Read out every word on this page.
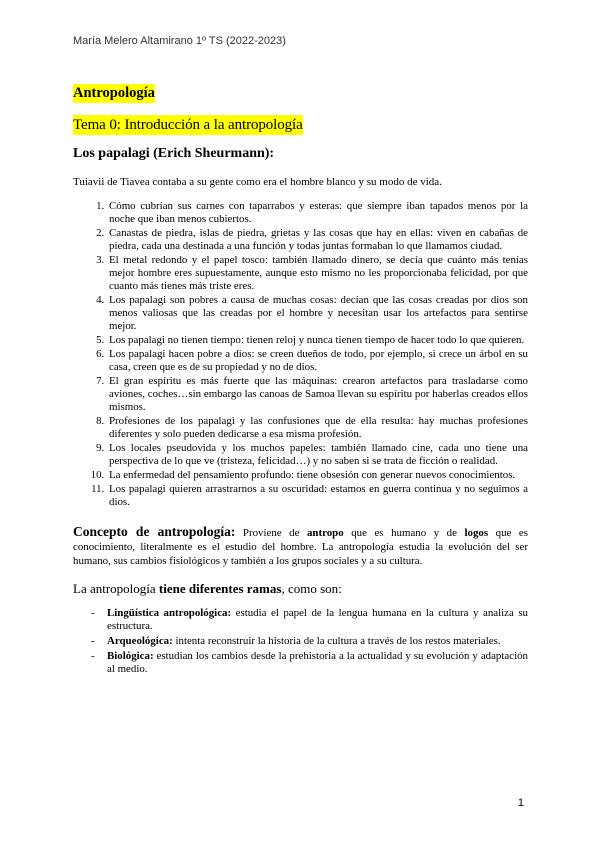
María Melero Altamirano 1º TS (2022-2023)
Antropología
Tema 0: Introducción a la antropología
Los papalagi (Erich Sheurmann):
Tuiavii de Tiavea contaba a su gente como era el hombre blanco y su modo de vida.
1. Cómo cubrían sus carnes con taparrabos y esteras: que siempre iban tapados menos por la noche que iban menos cubiertos.
2. Canastas de piedra, islas de piedra, grietas y las cosas que hay en ellas: viven en cabañas de piedra, cada una destinada a una función y todas juntas formaban lo que llamamos ciudad.
3. El metal redondo y el papel tosco: también llamado dinero, se decía que cuánto más tenías mejor hombre eres supuestamente, aunque esto mismo no les proporcionaba felicidad, por que cuanto más tienes más triste eres.
4. Los papalagi son pobres a causa de muchas cosas: decían que las cosas creadas por dios son menos valiosas que las creadas por el hombre y necesitan usar los artefactos para sentirse mejor.
5. Los papalagi no tienen tiempo: tienen reloj y nunca tienen tiempo de hacer todo lo que quieren.
6. Los papalagi hacen pobre a dios: se creen dueños de todo, por ejemplo, si crece un árbol en su casa, creen que es de su propiedad y no de dios.
7. El gran espíritu es más fuerte que las máquinas: crearon artefactos para trasladarse como aviones, coches…sin embargo las canoas de Samoa llevan su espíritu por haberlas creados ellos mismos.
8. Profesiones de los papalagi y las confusiones que de ella resulta: hay muchas profesiones diferentes y solo pueden dedicarse a esa misma profesión.
9. Los locales pseudovida y los muchos papeles: también llamado cine, cada uno tiene una perspectiva de lo que ve (tristeza, felicidad…) y no saben si se trata de ficción o realidad.
10. La enfermedad del pensamiento profundo: tiene obsesión con generar nuevos conocimientos.
11. Los papalagi quieren arrastrarnos a su oscuridad: estamos en guerra continua y no seguimos a dios.
Concepto de antropología: Proviene de antropo que es humano y de logos que es conocimiento, literalmente es el estudio del hombre. La antropología estudia la evolución del ser humano, sus cambios fisiológicos y también a los grupos sociales y a su cultura.
La antropología tiene diferentes ramas, como son:
- Lingüística antropológica: estudia el papel de la lengua humana en la cultura y analiza su estructura.
- Arqueológica: intenta reconstruir la historia de la cultura a través de los restos materiales.
- Biológica: estudian los cambios desde la prehistoria a la actualidad y su evolución y adaptación al medio.
1
